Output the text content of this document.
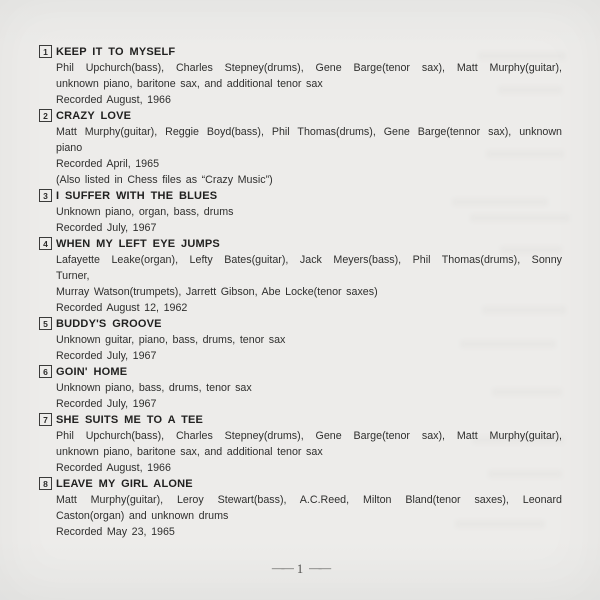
1 KEEP IT TO MYSELF
Phil Upchurch(bass), Charles Stepney(drums), Gene Barge(tenor sax), Matt Murphy(guitar),
unknown piano, baritone sax, and additional tenor sax
Recorded August, 1966
2 CRAZY LOVE
Matt Murphy(guitar), Reggie Boyd(bass), Phil Thomas(drums), Gene Barge(tennor sax), unknown
piano
Recorded April, 1965
(Also listed in Chess files as “Crazy Music”)
3 I SUFFER WITH THE BLUES
Unknown piano, organ, bass, drums
Recorded July, 1967
4 WHEN MY LEFT EYE JUMPS
Lafayette Leake(organ), Lefty Bates(guitar), Jack Meyers(bass), Phil Thomas(drums), Sonny
Turner,
Murray Watson(trumpets), Jarrett Gibson, Abe Locke(tenor saxes)
Recorded August 12, 1962
5 BUDDY'S GROOVE
Unknown guitar, piano, bass, drums, tenor sax
Recorded July, 1967
6 GOIN' HOME
Unknown piano, bass, drums, tenor sax
Recorded July, 1967
7 SHE SUITS ME TO A TEE
Phil Upchurch(bass), Charles Stepney(drums), Gene Barge(tenor sax), Matt Murphy(guitar),
unknown piano, baritone sax, and additional tenor sax
Recorded August, 1966
8 LEAVE MY GIRL ALONE
Matt Murphy(guitar), Leroy Stewart(bass), A.C.Reed, Milton Bland(tenor saxes), Leonard
Caston(organ) and unknown drums
Recorded May 23, 1965
—— 1 ——
